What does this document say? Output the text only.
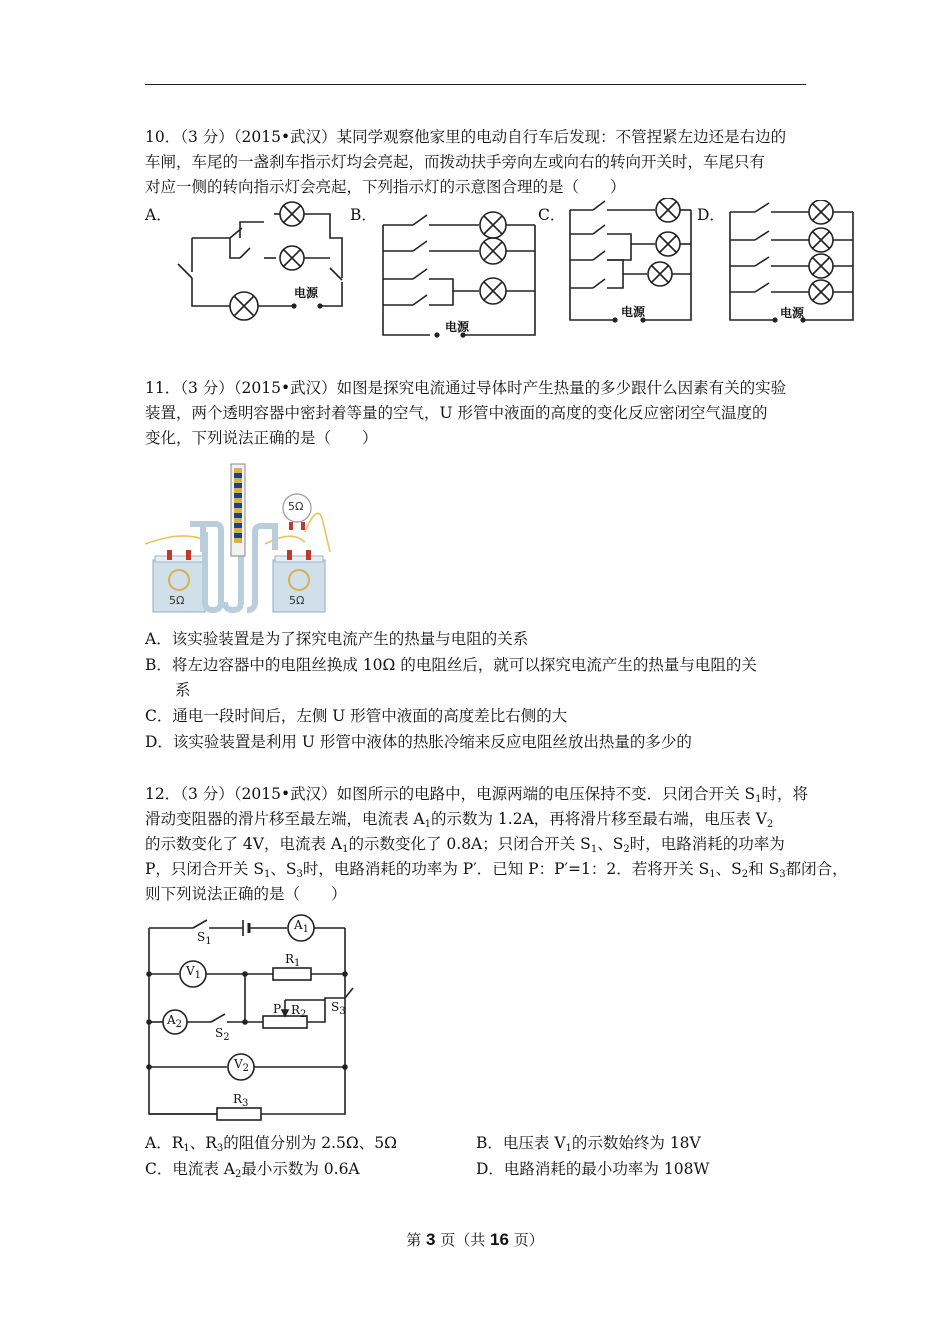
10．（3 分）（2015•武汉）某同学观察他家里的电动自行车后发现：不管捏紧左边还是右边的
车闸，车尾的一盏刹车指示灯均会亮起，而拨动扶手旁向左或向右的转向开关时，车尾只有
对应一侧的转向指示灯会亮起，下列指示灯的示意图合理的是（　　）
A．	B．	C．	D．
电源
电源
电源	电源
11．（3 分）（2015•武汉）如图是探究电流通过导体时产生热量的多少跟什么因素有关的实验
装置，两个透明容器中密封着等量的空气，U 形管中液面的高度的变化反应密闭空气温度的
变化，下列说法正确的是（　　）
5Ω
5Ω	5Ω
A．该实验装置是为了探究电流产生的热量与电阻的关系
B．将左边容器中的电阻丝换成 10Ω 的电阻丝后，就可以探究电流产生的热量与电阻的关
系
C．通电一段时间后，左侧 U 形管中液面的高度差比右侧的大
D．该实验装置是利用 U 形管中液体的热胀冷缩来反应电阻丝放出热量的多少的
12．（3 分）（2015•武汉）如图所示的电路中，电源两端的电压保持不变．只闭合开关 $S_1$时，将
滑动变阻器的滑片移至最左端，电流表 $A_1$的示数为 1.2A，再将滑片移至最右端，电压表 $V_2$
的示数变化了 4V，电流表 $A_1$的示数变化了 0.8A；只闭合开关 $S_1$、$S_2$时，电路消耗的功率为
P，只闭合开关 $S_1$、$S_3$时，电路消耗的功率为 P′．已知 P：P′=1：2．若将开关 $S_1$、$S_2$和 $S_3$都闭合，
则下列说法正确的是（　　）
$S_1$
$A_1$
$V_1$
$R_1$
P $R_2$
$S_3$
$A_2$
$S_2$
$V_2$
$R_3$
A．$R_1$、$R_3$的阻值分别为 2.5Ω、5Ω	B．电压表 $V_1$的示数始终为 18V
C．电流表 $A_2$最小示数为 0.6A	D．电路消耗的最小功率为 108W
第 3 页（共 16 页）
